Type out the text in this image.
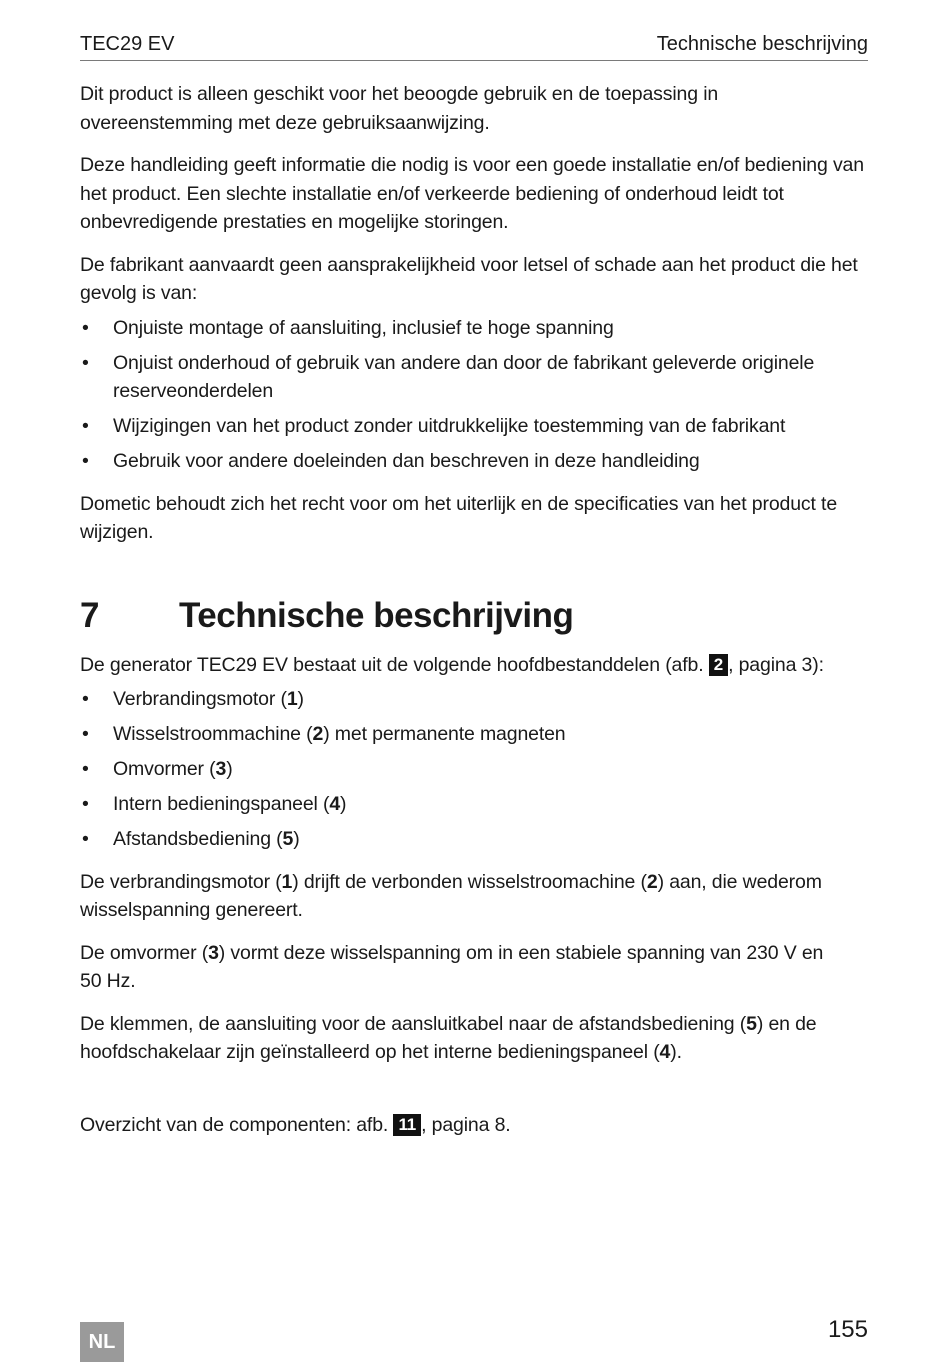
TEC29 EV	Technische beschrijving

Dit product is alleen geschikt voor het beoogde gebruik en de toepassing in overeenstemming met deze gebruiksaanwijzing.

Deze handleiding geeft informatie die nodig is voor een goede installatie en/of bediening van het product. Een slechte installatie en/of verkeerde bediening of onderhoud leidt tot onbevredigende prestaties en mogelijke storingen.

De fabrikant aanvaardt geen aansprakelijkheid voor letsel of schade aan het product die het gevolg is van:

• Onjuiste montage of aansluiting, inclusief te hoge spanning
• Onjuist onderhoud of gebruik van andere dan door de fabrikant geleverde originele reserveonderdelen
• Wijzigingen van het product zonder uitdrukkelijke toestemming van de fabrikant
• Gebruik voor andere doeleinden dan beschreven in deze handleiding

Dometic behoudt zich het recht voor om het uiterlijk en de specificaties van het product te wijzigen.

7 Technische beschrijving

De generator TEC29 EV bestaat uit de volgende hoofdbestanddelen (afb. 2 , pagina 3):

• Verbrandingsmotor (1)
• Wisselstroommachine (2) met permanente magneten
• Omvormer (3)
• Intern bedieningspaneel (4)
• Afstandsbediening (5)

De verbrandingsmotor (1) drijft de verbonden wisselstroomachine (2) aan, die wederom wisselspanning genereert.

De omvormer (3) vormt deze wisselspanning om in een stabiele spanning van 230 V en 50 Hz.

De klemmen, de aansluiting voor de aansluitkabel naar de afstandsbediening (5) en de hoofdschakelaar zijn geïnstalleerd op het interne bedieningspaneel (4).

Overzicht van de componenten: afb. 11 , pagina 8.

NL	155
